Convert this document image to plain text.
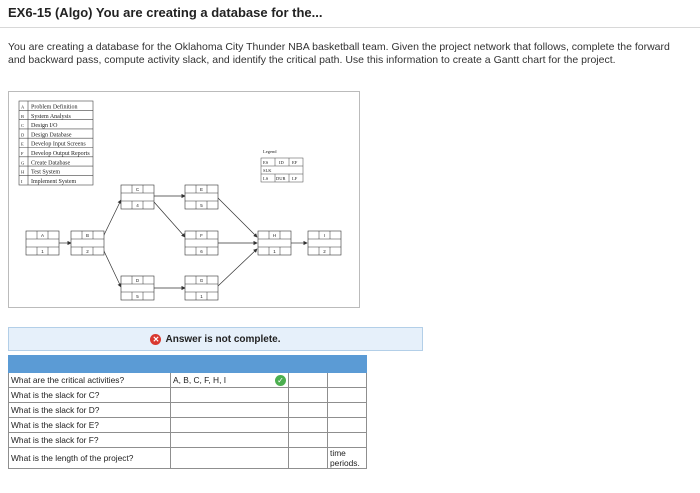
EX6-15 (Algo) You are creating a database for the...
You are creating a database for the Oklahoma City Thunder NBA basketball team. Given the project network that follows, complete the forward and backward pass, compute activity slack, and identify the critical path. Use this information to create a Gantt chart for the project.
A Problem Definition
B System Analysis
C Design I/O
D Design Database
E Develop Input Screens
F Develop Output Reports
G Create Database
H Test System
I Implement System
Legend
ES ID EF
SLK
LS DUR LF
A
1
B
2
C
4
D
5
E
5
F
6
G
1
H
1
I
2
✕ Answer is not complete.

What are the critical activities?	A, B, C, F, H, I ✓		

What is the slack for C?			
What is the slack for D?			
What is the slack for E?			
What is the slack for F?			
What is the length of the project?			time periods.
